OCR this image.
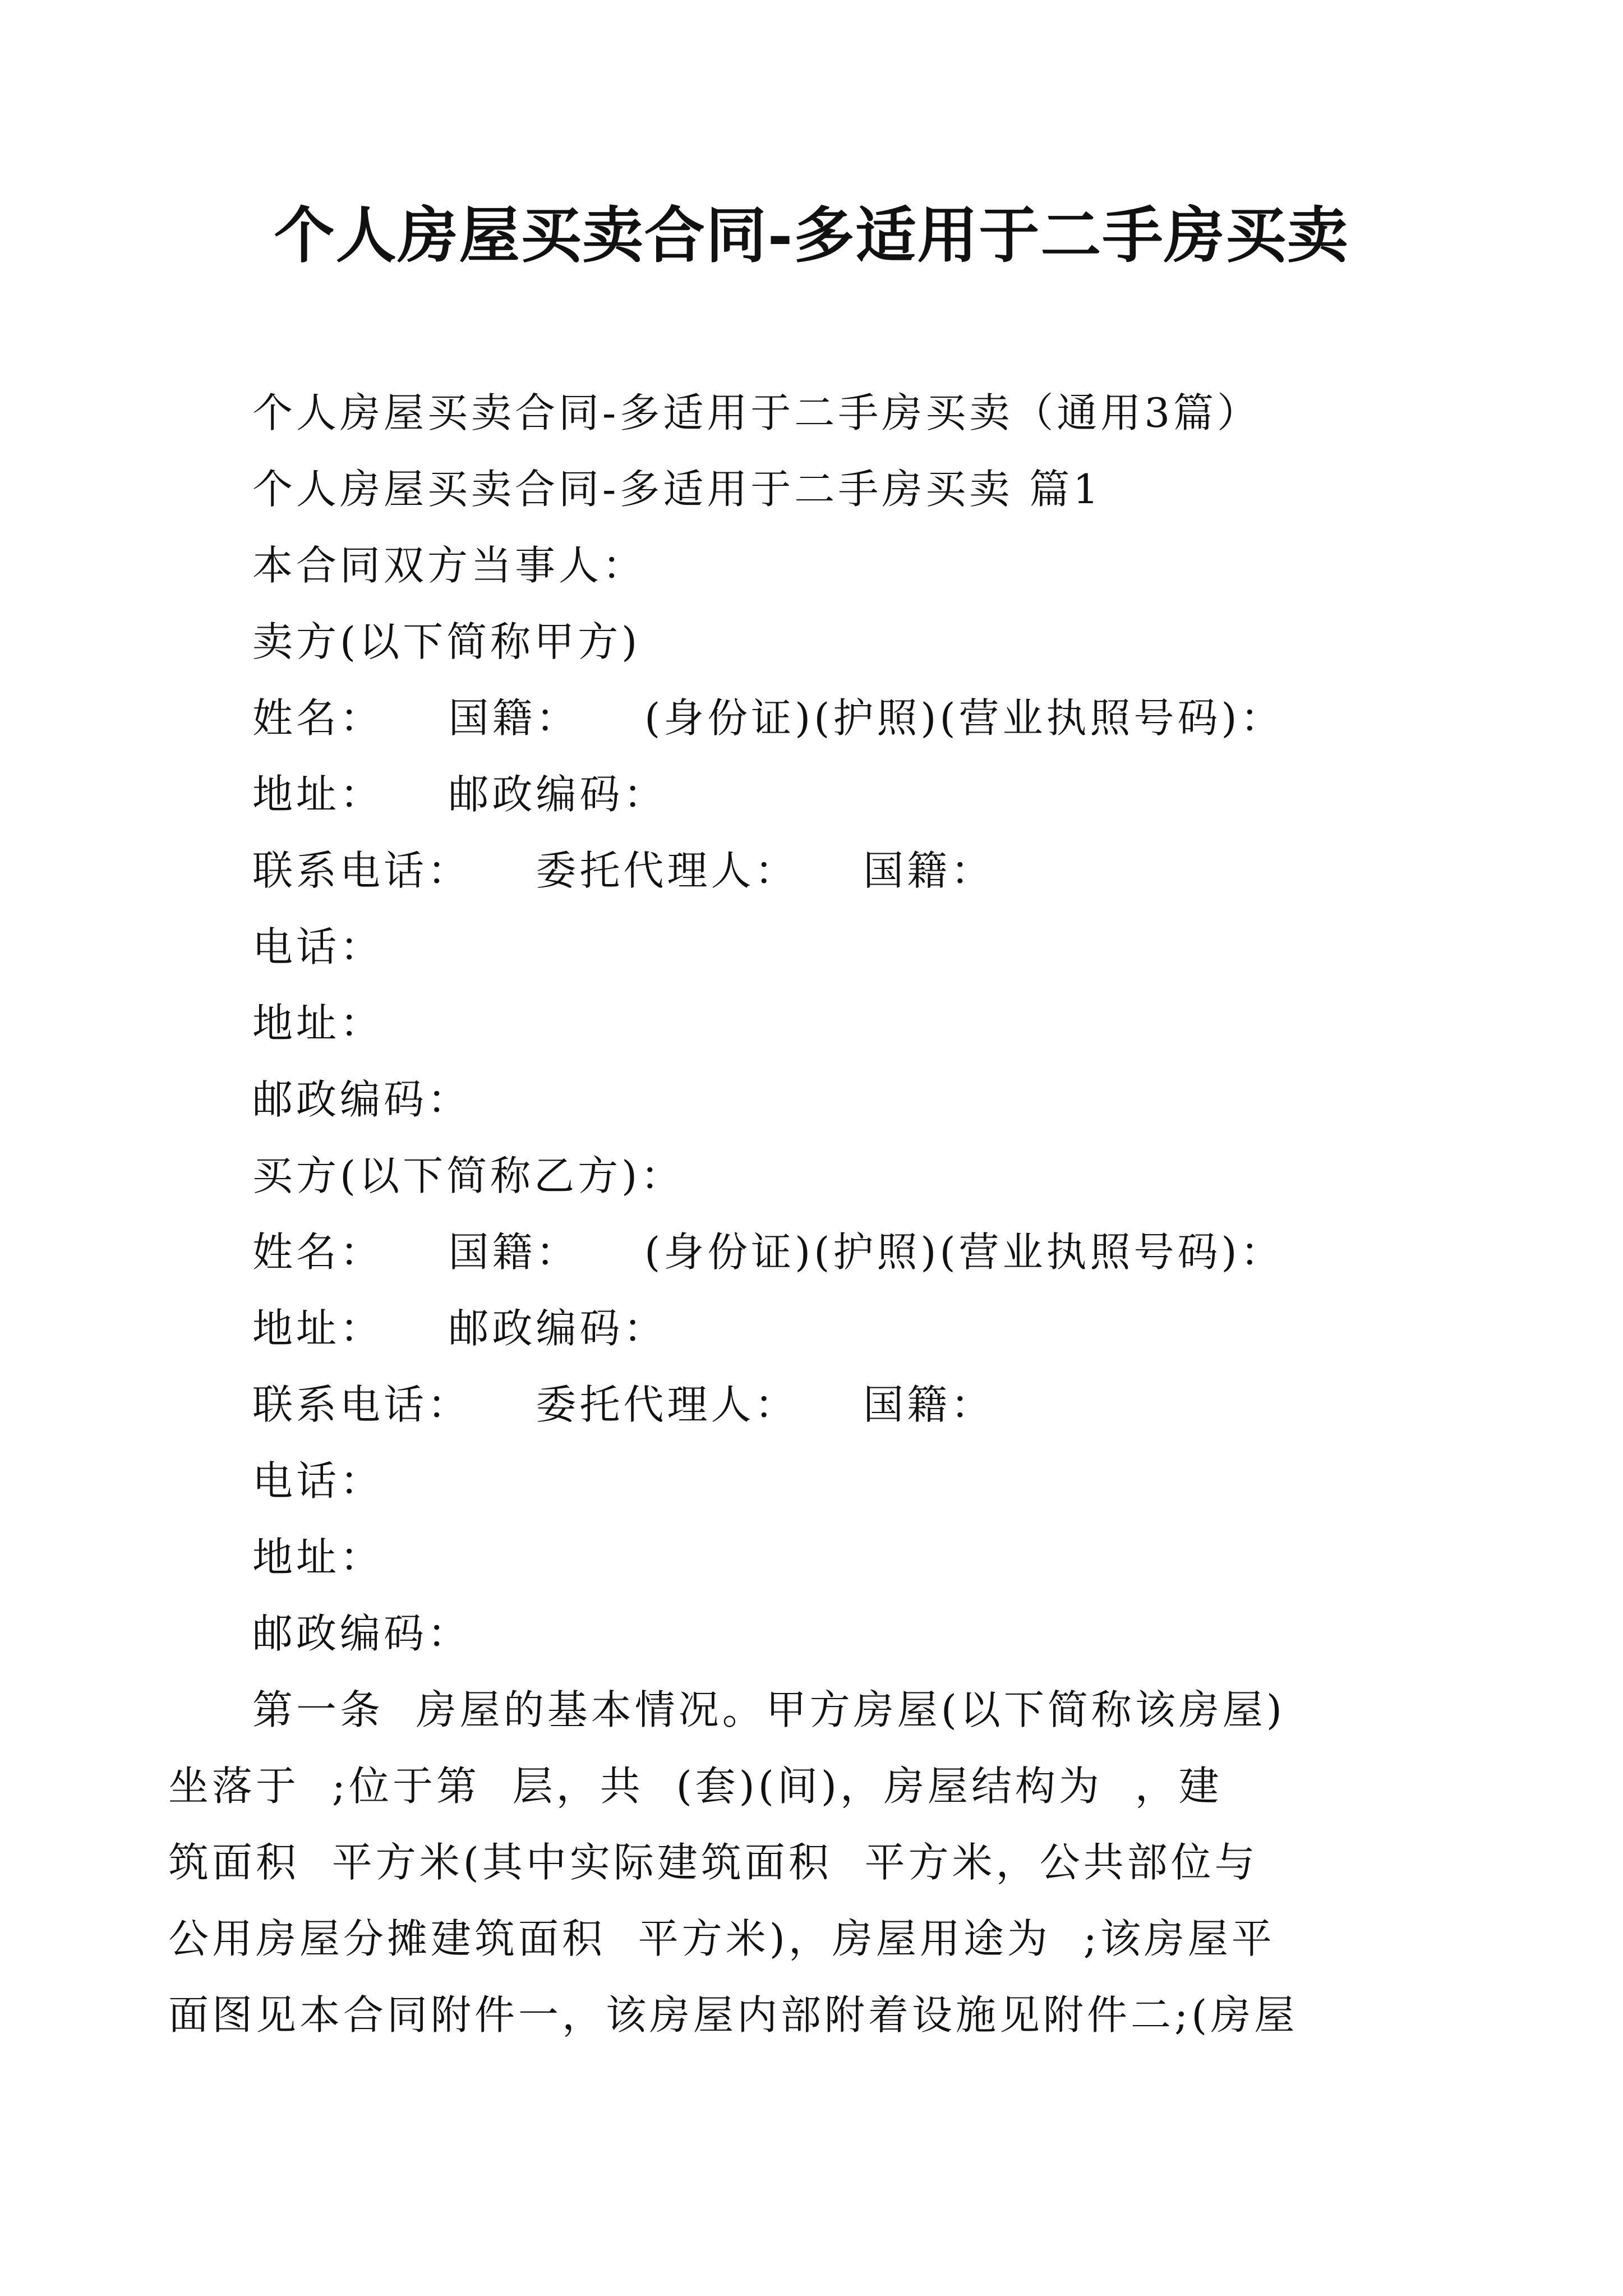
个人房屋买卖合同-多适用于二手房买卖
个人房屋买卖合同-多适用于二手房买卖（通用3篇）
个人房屋买卖合同-多适用于二手房买卖 篇1
本合同双方当事人：
卖方(以下简称甲方)
姓名：    国籍：    (身份证)(护照)(营业执照号码)：
地址：    邮政编码：
联系电话：    委托代理人：    国籍：
电话：
地址：
邮政编码：
买方(以下简称乙方)：
姓名：    国籍：    (身份证)(护照)(营业执照号码)：
地址：    邮政编码：
联系电话：    委托代理人：    国籍：
电话：
地址：
邮政编码：
第一条  房屋的基本情况。甲方房屋(以下简称该房屋)
坐落于  ;位于第  层，共  (套)(间)，房屋结构为  ，建
筑面积  平方米(其中实际建筑面积  平方米，公共部位与
公用房屋分摊建筑面积  平方米)，房屋用途为  ;该房屋平
面图见本合同附件一，该房屋内部附着设施见附件二;(房屋
